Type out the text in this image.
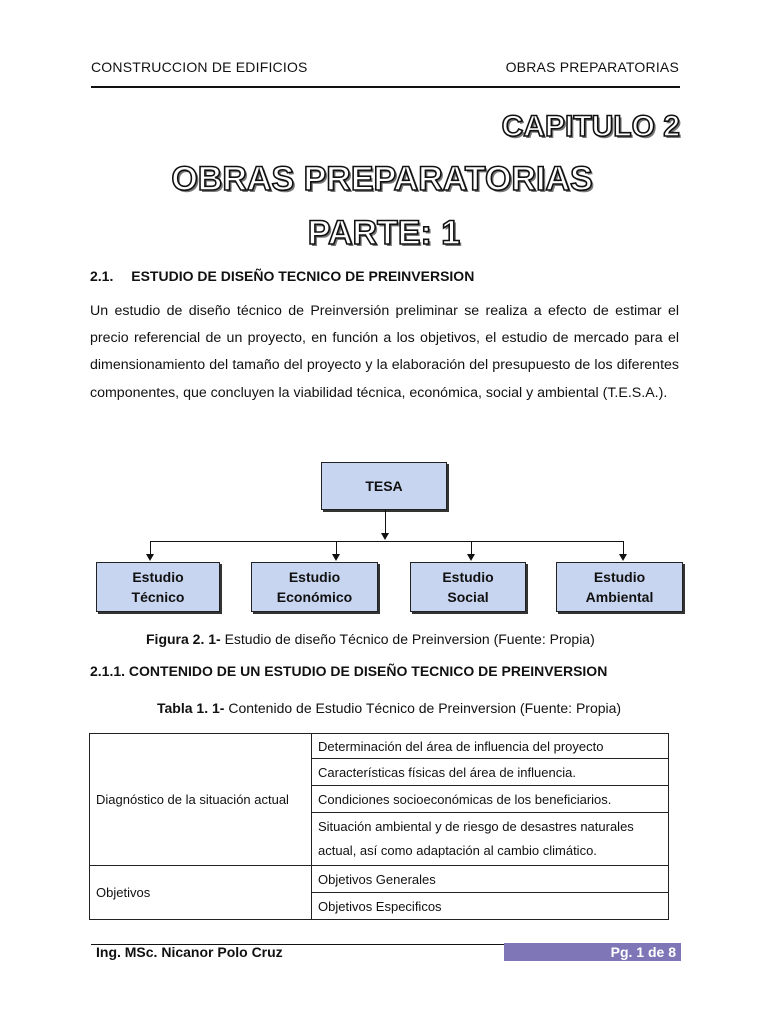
CONSTRUCCION DE EDIFICIOS	OBRAS PREPARATORIAS
CAPITULO 2
OBRAS PREPARATORIAS
PARTE: 1
2.1. ESTUDIO DE DISEÑO TECNICO DE PREINVERSION
Un estudio de diseño técnico de Preinversión preliminar se realiza a efecto de estimar el precio referencial de un proyecto, en función a los objetivos, el estudio de mercado para el dimensionamiento del tamaño del proyecto y la elaboración del presupuesto de los diferentes componentes, que concluyen la viabilidad técnica, económica, social y ambiental (T.E.S.A.).
TESA
Estudio
Técnico
Estudio
Económico
Estudio
Social
Estudio
Ambiental
Figura 2. 1- Estudio de diseño Técnico de Preinversion (Fuente: Propia)
2.1.1. CONTENIDO DE UN ESTUDIO DE DISEÑO TECNICO DE PREINVERSION
Tabla 1. 1- Contenido de Estudio Técnico de Preinversion (Fuente: Propia)
Diagnóstico de la situación actual	Determinación del área de influencia del proyecto
	Características físicas del área de influencia.
	Condiciones socioeconómicas de los beneficiarios.
	Situación ambiental y de riesgo de desastres naturales actual, así como adaptación al cambio climático.
Objetivos	Objetivos Generales
	Objetivos Especificos
Ing. MSc. Nicanor Polo Cruz	Pg. 1 de 8
